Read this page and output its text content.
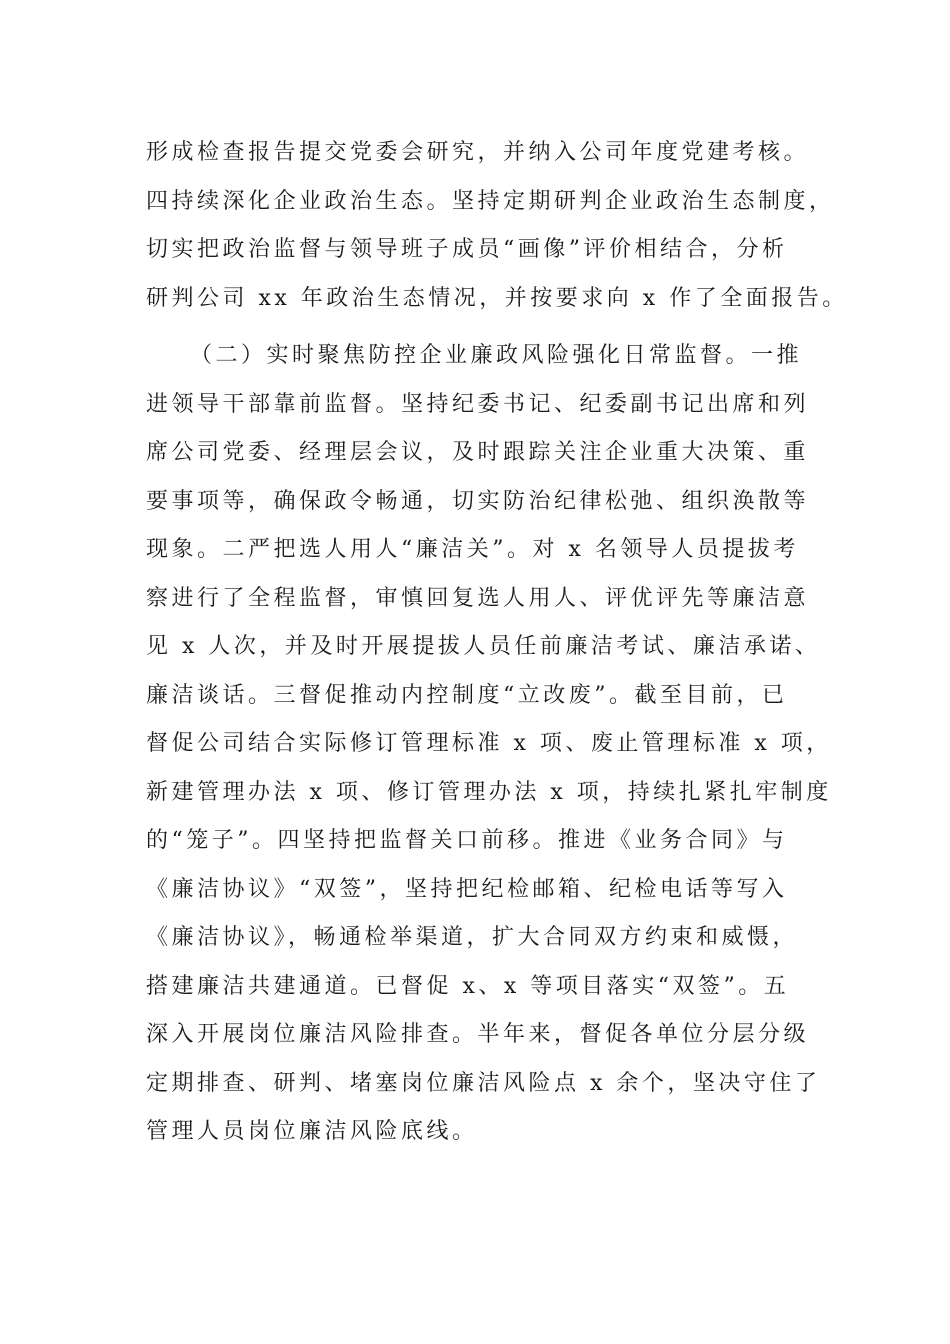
形成检查报告提交党委会研究，并纳入公司年度党建考核。
四持续深化企业政治生态。坚持定期研判企业政治生态制度，
切实把政治监督与领导班子成员“画像”评价相结合，分析
研判公司 xx 年政治生态情况，并按要求向 x 作了全面报告。
（二）实时聚焦防控企业廉政风险强化日常监督。一推
进领导干部靠前监督。坚持纪委书记、纪委副书记出席和列
席公司党委、经理层会议，及时跟踪关注企业重大决策、重
要事项等，确保政令畅通，切实防治纪律松弛、组织涣散等
现象。二严把选人用人“廉洁关”。对 x 名领导人员提拔考
察进行了全程监督，审慎回复选人用人、评优评先等廉洁意
见 x 人次，并及时开展提拔人员任前廉洁考试、廉洁承诺、
廉洁谈话。三督促推动内控制度“立改废”。截至目前，已
督促公司结合实际修订管理标准 x 项、废止管理标准 x 项，
新建管理办法 x 项、修订管理办法 x 项，持续扎紧扎牢制度
的“笼子”。四坚持把监督关口前移。推进《业务合同》与
《廉洁协议》“双签”，坚持把纪检邮箱、纪检电话等写入
《廉洁协议》，畅通检举渠道，扩大合同双方约束和威慑，
搭建廉洁共建通道。已督促 x、x 等项目落实“双签”。五
深入开展岗位廉洁风险排查。半年来，督促各单位分层分级
定期排查、研判、堵塞岗位廉洁风险点 x 余个，坚决守住了
管理人员岗位廉洁风险底线。
